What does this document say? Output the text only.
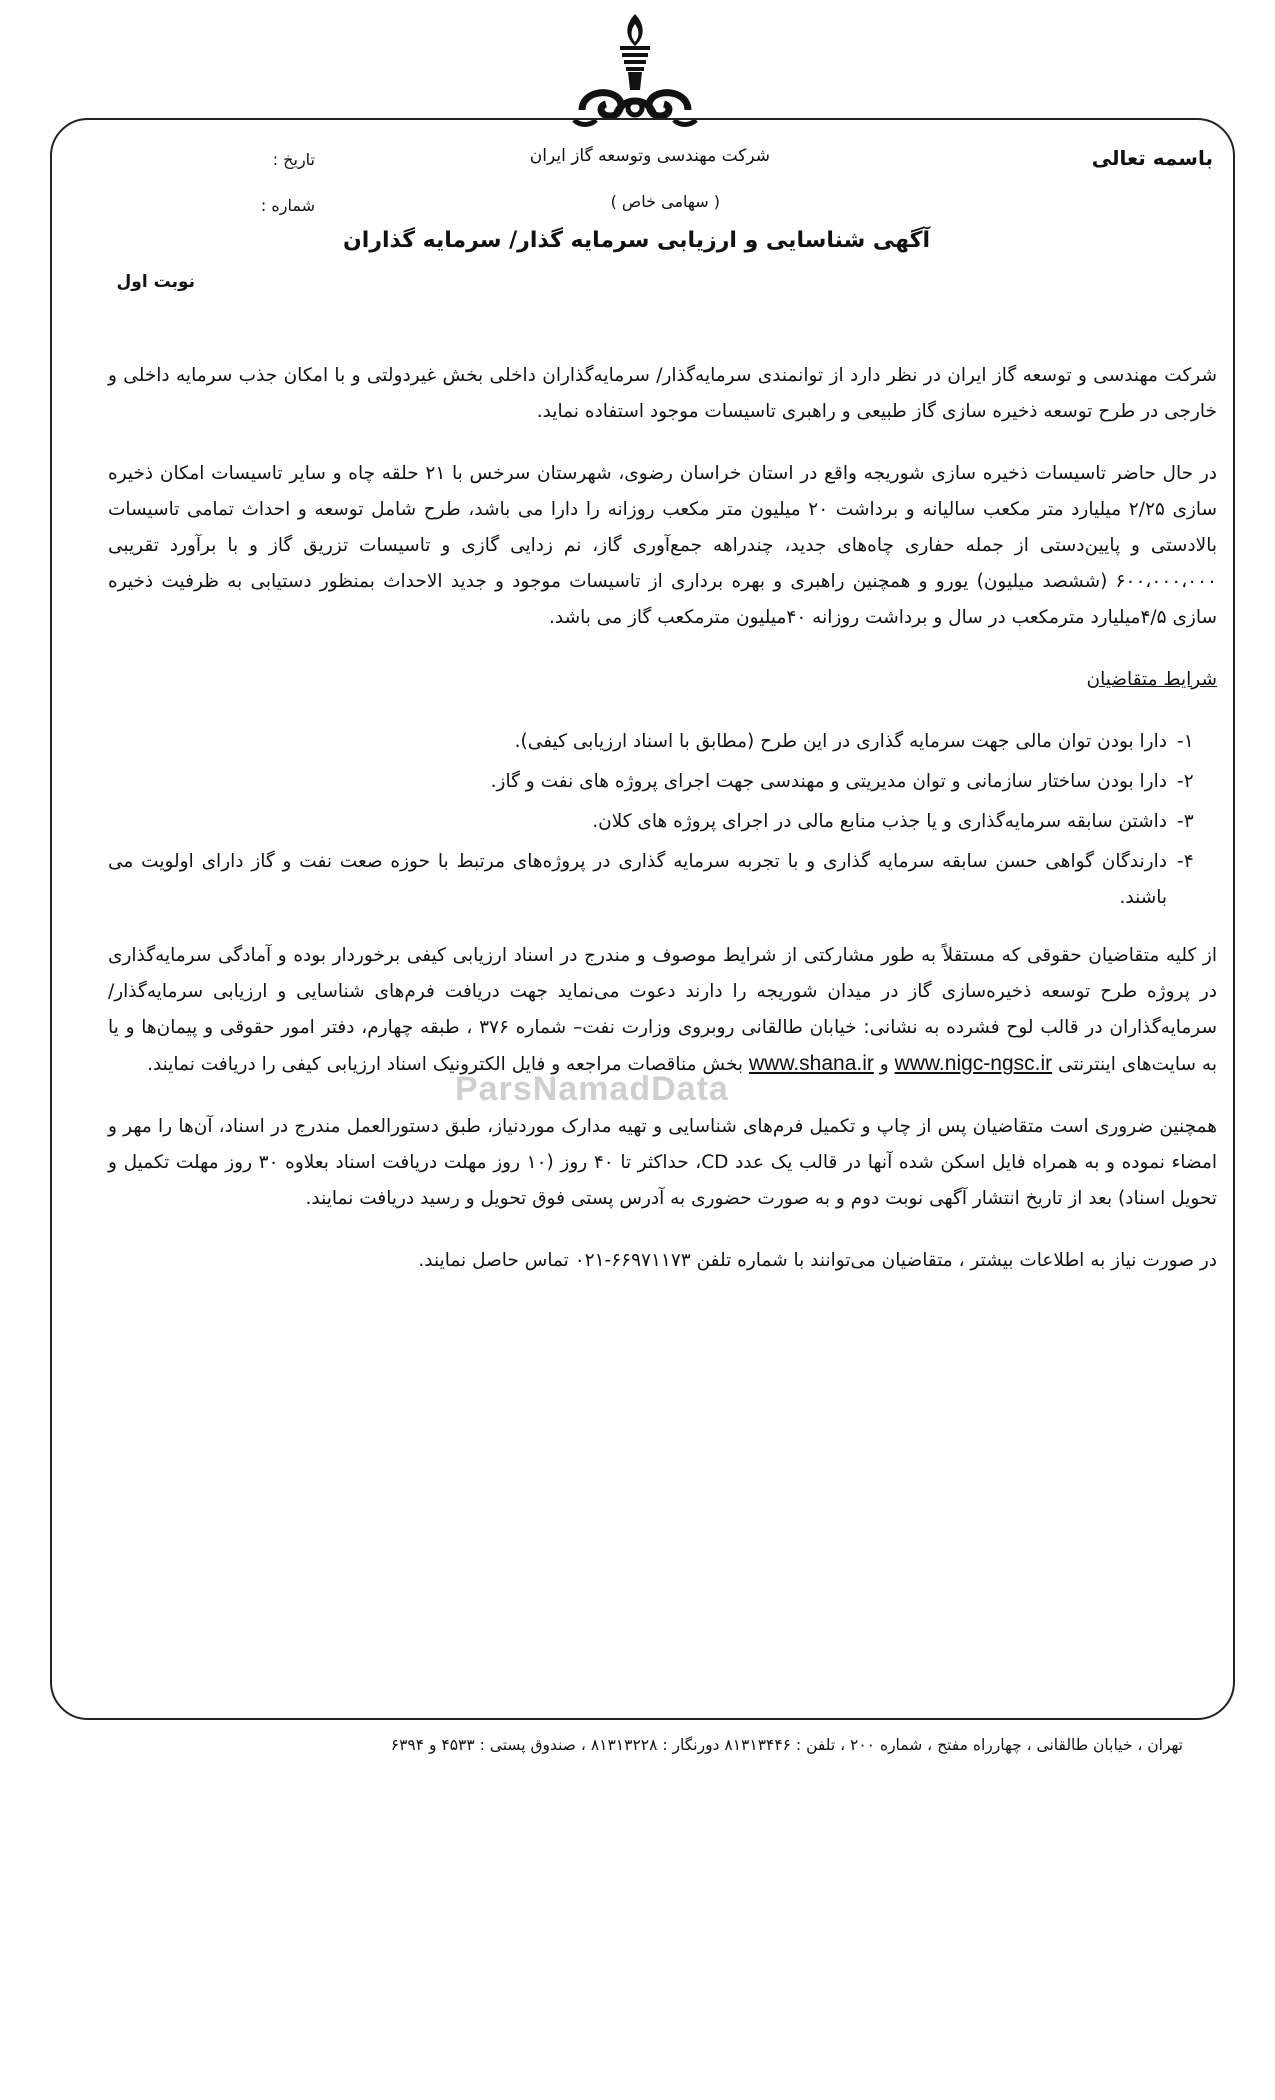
باسمه تعالی
شرکت مهندسی وتوسعه گاز ایران
( سهامی خاص )
تاریخ :
شماره :
آگهی شناسایی و ارزیابی سرمایه گذار/ سرمایه گذاران
نوبت اول
ParsNamadData

شرکت مهندسی و توسعه گاز ایران در نظر دارد از توانمندی سرمایه‌گذار/ سرمایه‌گذاران داخلی بخش غیردولتی و با امکان جذب سرمایه داخلی و خارجی در طرح توسعه ذخیره سازی گاز طبیعی و راهبری تاسیسات موجود استفاده نماید.

در حال حاضر تاسیسات ذخیره سازی شوریجه واقع در استان خراسان رضوی، شهرستان سرخس با ۲۱ حلقه چاه و سایر تاسیسات امکان ذخیره سازی ۲/۲۵ میلیارد متر مکعب سالیانه و برداشت ۲۰ میلیون متر مکعب روزانه را دارا می باشد، طرح شامل توسعه و احداث تمامی تاسیسات بالادستی و پایین‌دستی از جمله حفاری چاه‌های جدید، چندراهه جمع‌آوری گاز، نم زدایی گازی و تاسیسات تزریق گاز و با برآورد تقریبی ۶۰۰،۰۰۰،۰۰۰ (ششصد میلیون) یورو و همچنین راهبری و بهره برداری از تاسیسات موجود و جدید الاحداث بمنظور دستیابی به ظرفیت ذخیره سازی ۴/۵میلیارد مترمکعب در سال و برداشت روزانه ۴۰میلیون مترمکعب گاز می باشد.

شرایط متقاضیان
۱-
دارا بودن توان مالی جهت سرمایه گذاری در این طرح (مطابق با اسناد ارزیابی کیفی).
۲-
دارا بودن ساختار سازمانی و توان مدیریتی و مهندسی جهت اجرای پروژه های نفت و گاز.
۳-
داشتن سابقه سرمایه‌گذاری و یا جذب منابع مالی در اجرای پروژه های کلان.
۴-
دارندگان گواهی حسن سابقه سرمایه گذاری و با تجربه سرمایه گذاری در پروژه‌های مرتبط با حوزه صعت نفت و گاز دارای اولویت می باشند.

از کلیه متقاضیان حقوقی که مستقلاً به طور مشارکتی از شرایط موصوف و مندرج در اسناد ارزیابی کیفی برخوردار بوده و آمادگی سرمایه‌گذاری در پروژه طرح توسعه ذخیره‌سازی گاز در میدان شوریجه را دارند دعوت می‌نماید جهت دریافت فرم‌های شناسایی و ارزیابی سرمایه‌گذار/ سرمایه‌گذاران در قالب لوح فشرده به نشانی: خیابان طالقانی روبروی وزارت نفت– شماره ۳۷۶ ، طبقه چهارم، دفتر امور حقوقی و پیمان‌ها و یا به سایت‌های اینترنتی www.nigc-ngsc.ir و www.shana.ir بخش مناقصات مراجعه و فایل الکترونیک اسناد ارزیابی کیفی را دریافت نمایند.

همچنین ضروری است متقاضیان پس از چاپ و تکمیل فرم‌های شناسایی و تهیه مدارک موردنیاز، طبق دستورالعمل مندرج در اسناد، آن‌ها را مهر و امضاء نموده و به همراه فایل اسکن شده آنها در قالب یک عدد CD، حداکثر تا ۴۰ روز (۱۰ روز مهلت دریافت اسناد بعلاوه ۳۰ روز مهلت تکمیل و تحویل اسناد) بعد از تاریخ انتشار آگهی نوبت دوم و به صورت حضوری به آدرس پستی فوق تحویل و رسید دریافت نمایند.

در صورت نیاز به اطلاعات بیشتر ، متقاضیان می‌توانند با شماره تلفن ۶۶۹۷۱۱۷۳-۰۲۱ تماس حاصل نمایند.

تهران ، خیابان طالقانی ، چهارراه مفتح ، شماره ۲۰۰ ، تلفن : ۸۱۳۱۳۴۴۶ دورنگار : ۸۱۳۱۳۲۲۸ ، صندوق پستی : ۴۵۳۳ و ۶۳۹۴
